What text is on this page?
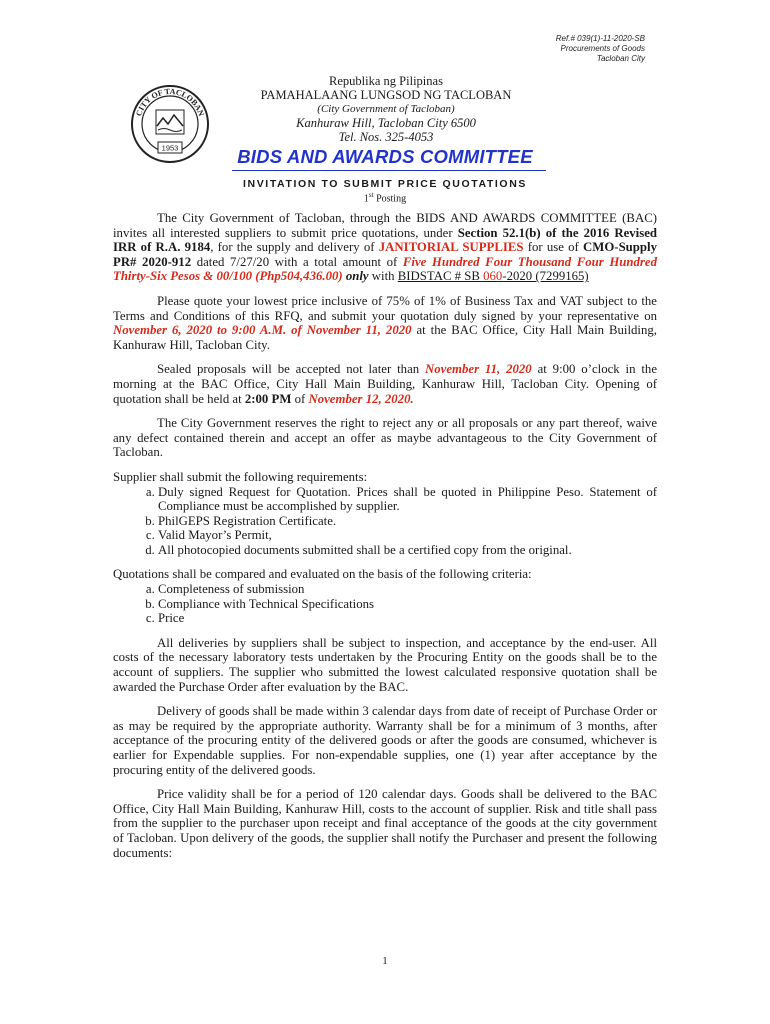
Ref.# 039(1)-11-2020-SB
Procurements of Goods
Tacloban City
CITY OF TACLOBAN
1953
Republika ng Pilipinas
PAMAHALAANG LUNGSOD NG TACLOBAN
(City Government of Tacloban)
Kanhuraw Hill, Tacloban City 6500
Tel. Nos. 325-4053
BIDS AND AWARDS COMMITTEE
INVITATION TO SUBMIT PRICE QUOTATIONS
1st Posting

The City Government of Tacloban, through the BIDS AND AWARDS COMMITTEE (BAC) invites all interested suppliers to submit price quotations, under Section 52.1(b) of the 2016 Revised IRR of R.A. 9184, for the supply and delivery of JANITORIAL SUPPLIES for use of CMO-Supply PR# 2020-912 dated 7/27/20 with a total amount of Five Hundred Four Thousand Four Hundred Thirty-Six Pesos & 00/100 (Php504,436.00) only with BIDSTAC # SB 060-2020 (7299165)

Please quote your lowest price inclusive of 75% of 1% of Business Tax and VAT subject to the Terms and Conditions of this RFQ, and submit your quotation duly signed by your representative on November 6, 2020 to 9:00 A.M. of November 11, 2020 at the BAC Office, City Hall Main Building, Kanhuraw Hill, Tacloban City.

Sealed proposals will be accepted not later than November 11, 2020 at 9:00 o’clock in the morning at the BAC Office, City Hall Main Building, Kanhuraw Hill, Tacloban City. Opening of quotation shall be held at 2:00 PM of November 12, 2020.

The City Government reserves the right to reject any or all proposals or any part thereof, waive any defect contained therein and accept an offer as maybe advantageous to the City Government of Tacloban.

Supplier shall submit the following requirements:
a. Duly signed Request for Quotation. Prices shall be quoted in Philippine Peso. Statement of Compliance must be accomplished by supplier.
b. PhilGEPS Registration Certificate.
c. Valid Mayor’s Permit,
d. All photocopied documents submitted shall be a certified copy from the original.
Quotations shall be compared and evaluated on the basis of the following criteria:
a. Completeness of submission
b. Compliance with Technical Specifications
c. Price

All deliveries by suppliers shall be subject to inspection, and acceptance by the end-user. All costs of the necessary laboratory tests undertaken by the Procuring Entity on the goods shall be to the account of suppliers. The supplier who submitted the lowest calculated responsive quotation shall be awarded the Purchase Order after evaluation by the BAC.

Delivery of goods shall be made within 3 calendar days from date of receipt of Purchase Order or as may be required by the appropriate authority. Warranty shall be for a minimum of 3 months, after acceptance of the procuring entity of the delivered goods or after the goods are consumed, whichever is earlier for Expendable supplies. For non-expendable supplies, one (1) year after acceptance by the procuring entity of the delivered goods.

Price validity shall be for a period of 120 calendar days. Goods shall be delivered to the BAC Office, City Hall Main Building, Kanhuraw Hill, costs to the account of supplier. Risk and title shall pass from the supplier to the purchaser upon receipt and final acceptance of the goods at the city government of Tacloban. Upon delivery of the goods, the supplier shall notify the Purchaser and present the following documents:

1
